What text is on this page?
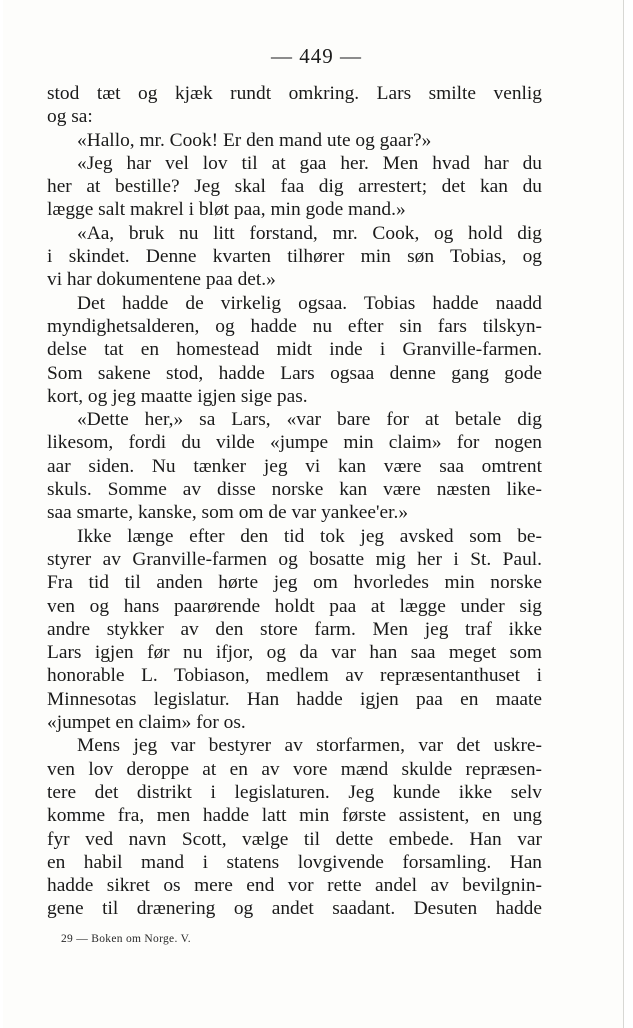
— 449 —
stod tæt og kjæk rundt omkring. Lars smilte venlig
og sa:
«Hallo, mr. Cook! Er den mand ute og gaar?»
«Jeg har vel lov til at gaa her. Men hvad har du
her at bestille? Jeg skal faa dig arrestert; det kan du
lægge salt makrel i bløt paa, min gode mand.»
«Aa, bruk nu litt forstand, mr. Cook, og hold dig
i skindet. Denne kvarten tilhører min søn Tobias, og
vi har dokumentene paa det.»
Det hadde de virkelig ogsaa. Tobias hadde naadd
myndighetsalderen, og hadde nu efter sin fars tilskyn-
delse tat en homestead midt inde i Granville-farmen.
Som sakene stod, hadde Lars ogsaa denne gang gode
kort, og jeg maatte igjen sige pas.
«Dette her,» sa Lars, «var bare for at betale dig
likesom, fordi du vilde «jumpe min claim» for nogen
aar siden. Nu tænker jeg vi kan være saa omtrent
skuls. Somme av disse norske kan være næsten like-
saa smarte, kanske, som om de var yankee'er.»
Ikke længe efter den tid tok jeg avsked som be-
styrer av Granville-farmen og bosatte mig her i St. Paul.
Fra tid til anden hørte jeg om hvorledes min norske
ven og hans paarørende holdt paa at lægge under sig
andre stykker av den store farm. Men jeg traf ikke
Lars igjen før nu ifjor, og da var han saa meget som
honorable L. Tobiason, medlem av repræsentanthuset i
Minnesotas legislatur. Han hadde igjen paa en maate
«jumpet en claim» for os.
Mens jeg var bestyrer av storfarmen, var det uskre-
ven lov deroppe at en av vore mænd skulde repræsen-
tere det distrikt i legislaturen. Jeg kunde ikke selv
komme fra, men hadde latt min første assistent, en ung
fyr ved navn Scott, vælge til dette embede. Han var
en habil mand i statens lovgivende forsamling. Han
hadde sikret os mere end vor rette andel av bevilgnin-
gene til drænering og andet saadant. Desuten hadde
29 — Boken om Norge. V.
